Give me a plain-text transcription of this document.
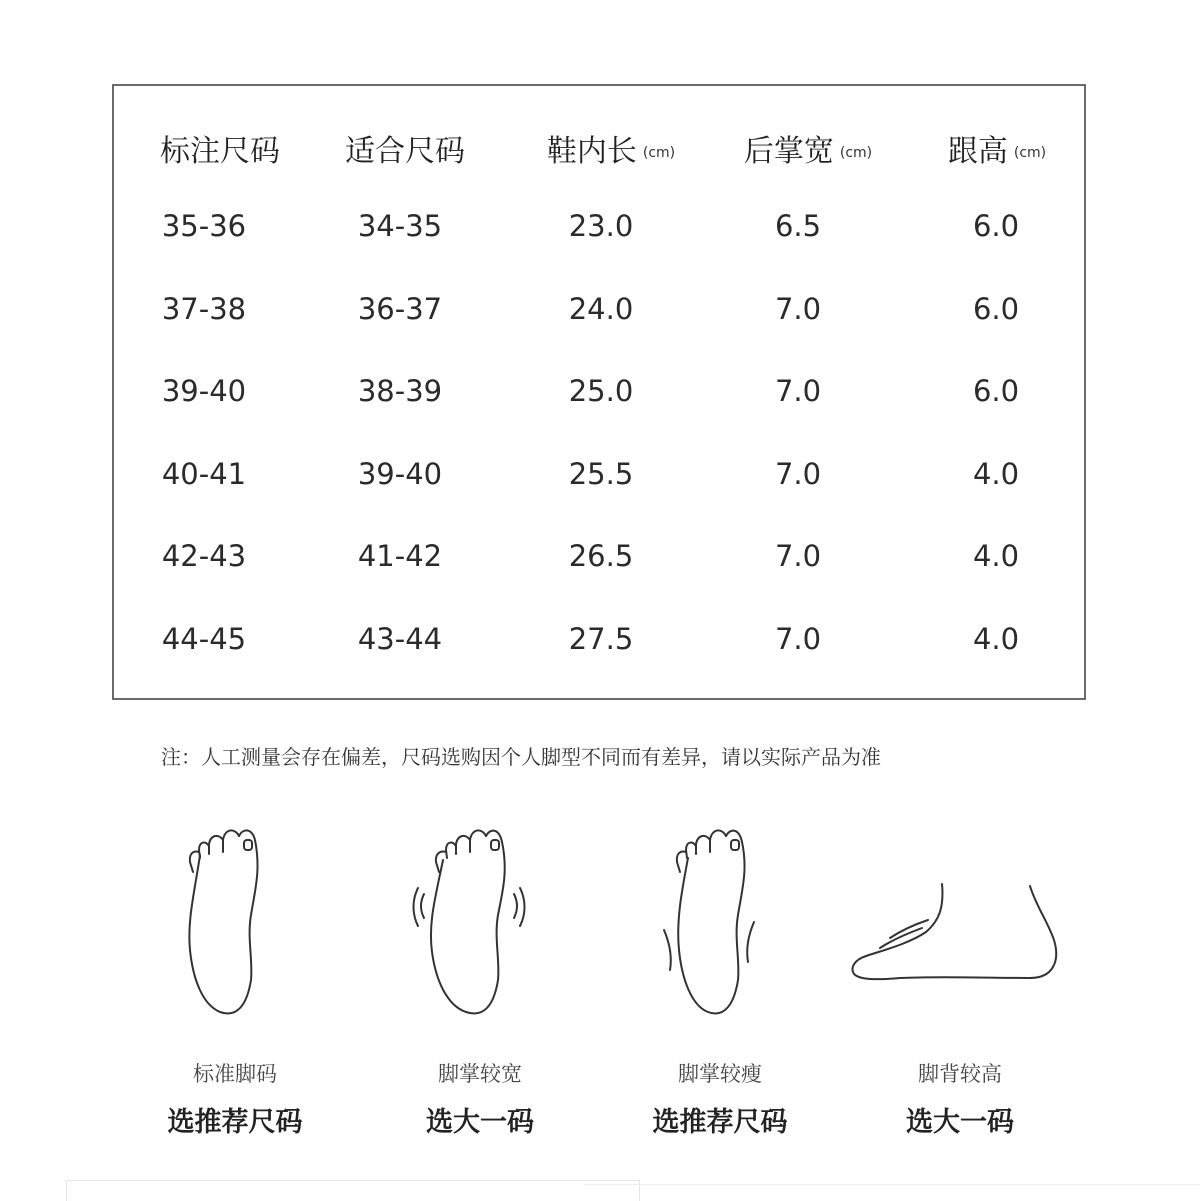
标注尺码	适合尺码	鞋内长 (cm)	后掌宽 (cm)	跟高 (cm)
35-36	34-35	23.0	6.5	6.0
37-38	36-37	24.0	7.0	6.0
39-40	38-39	25.0	7.0	6.0
40-41	39-40	25.5	7.0	4.0
42-43	41-42	26.5	7.0	4.0
44-45	43-44	27.5	7.0	4.0
注：人工测量会存在偏差，尺码选购因个人脚型不同而有差异，请以实际产品为准
标准脚码
选推荐尺码
脚掌较宽
选大一码
脚掌较瘦
选推荐尺码
脚背较高
选大一码
